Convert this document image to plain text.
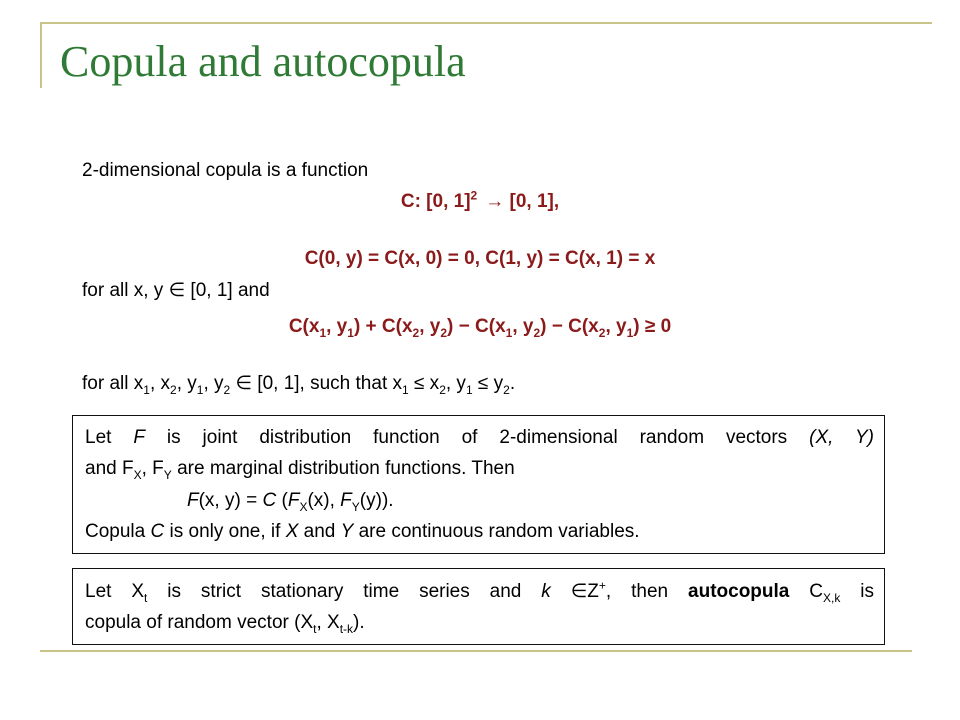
Copula and autocopula
2-dimensional copula is a function
C: [0, 1]$^2$ → [0, 1],
C(0, y) = C(x, 0) = 0, C(1, y) = C(x, 1) = x
for all x, y ∈ [0, 1] and
$C(x_1$, $y_1) + C(x_2$, $y_2) - C(x_1$, $y_2) - C(x_2$, $y_1) \ge 0$
for all $x_1$, $x_2$, $y_1$, $y_2$ ∈ [0, 1], such that $x_1 \le x_2$, $y_1 \le y_2$.
Let F is joint distribution function of 2-dimensional random vectors (X, Y)
and $F_X$, $F_Y$ are marginal distribution functions. Then
F(x, y) = C ($F_X(x)$, $F_Y(y)$).
Copula C is only one, if X and Y are continuous random variables.
Let $X_t$ is strict stationary time series and k ∈Z+, then autocopula $C_{X,k}$ is
copula of random vector ($X_t$, $X_{t-k}$).
